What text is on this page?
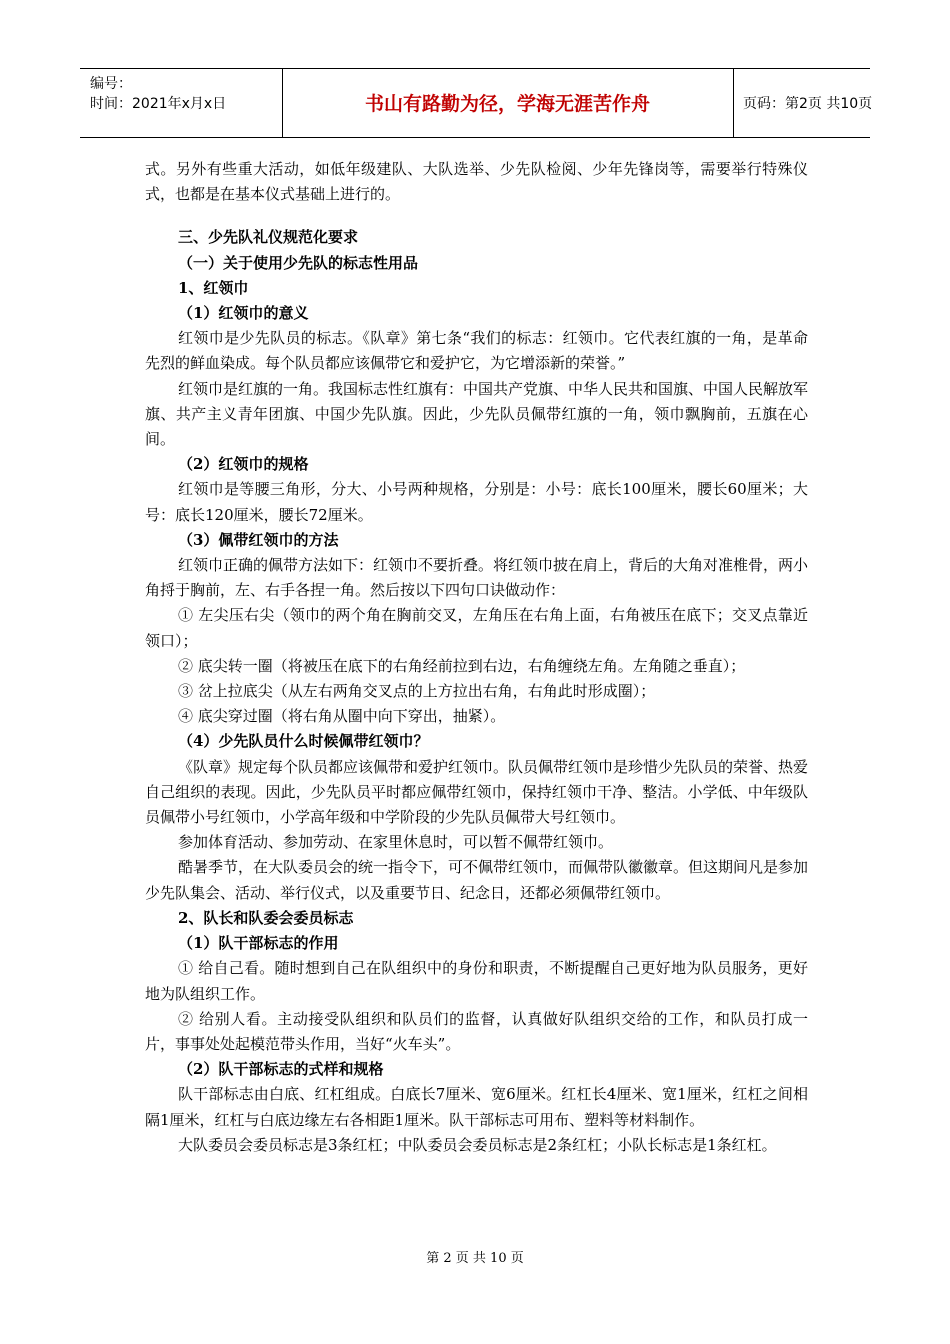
编号：
时间：2021年x月x日	书山有路勤为径，学海无涯苦作舟	页码：第2页 共10页

式。另外有些重大活动，如低年级建队、大队选举、少先队检阅、少年先锋岗等，需要举行特殊仪式，也都是在基本仪式基础上进行的。

三、少先队礼仪规范化要求

（一）关于使用少先队的标志性用品

1、红领巾

（1）红领巾的意义

红领巾是少先队员的标志。《队章》第七条“我们的标志：红领巾。它代表红旗的一角，是革命先烈的鲜血染成。每个队员都应该佩带它和爱护它，为它增添新的荣誉。”

红领巾是红旗的一角。我国标志性红旗有：中国共产党旗、中华人民共和国旗、中国人民解放军旗、共产主义青年团旗、中国少先队旗。因此，少先队员佩带红旗的一角，领巾飘胸前，五旗在心间。

（2）红领巾的规格

红领巾是等腰三角形，分大、小号两种规格，分别是：小号：底长100厘米，腰长60厘米；大号：底长120厘米，腰长72厘米。

（3）佩带红领巾的方法

红领巾正确的佩带方法如下：红领巾不要折叠。将红领巾披在肩上，背后的大角对准椎骨，两小角捋于胸前，左、右手各捏一角。然后按以下四句口诀做动作：

① 左尖压右尖（领巾的两个角在胸前交叉，左角压在右角上面，右角被压在底下；交叉点靠近领口）；

② 底尖转一圈（将被压在底下的右角经前拉到右边，右角缠绕左角。左角随之垂直）；

③ 岔上拉底尖（从左右两角交叉点的上方拉出右角，右角此时形成圈）；

④ 底尖穿过圈（将右角从圈中向下穿出，抽紧）。

（4）少先队员什么时候佩带红领巾？

《队章》规定每个队员都应该佩带和爱护红领巾。队员佩带红领巾是珍惜少先队员的荣誉、热爱自己组织的表现。因此，少先队员平时都应佩带红领巾，保持红领巾干净、整洁。小学低、中年级队员佩带小号红领巾，小学高年级和中学阶段的少先队员佩带大号红领巾。

参加体育活动、参加劳动、在家里休息时，可以暂不佩带红领巾。

酷暑季节，在大队委员会的统一指令下，可不佩带红领巾，而佩带队徽徽章。但这期间凡是参加少先队集会、活动、举行仪式，以及重要节日、纪念日，还都必须佩带红领巾。

2、队长和队委会委员标志

（1）队干部标志的作用

① 给自己看。随时想到自己在队组织中的身份和职责，不断提醒自己更好地为队员服务，更好地为队组织工作。

② 给别人看。主动接受队组织和队员们的监督，认真做好队组织交给的工作，和队员打成一片，事事处处起模范带头作用，当好“火车头”。

（2）队干部标志的式样和规格

队干部标志由白底、红杠组成。白底长7厘米、宽6厘米。红杠长4厘米、宽1厘米，红杠之间相隔1厘米，红杠与白底边缘左右各相距1厘米。队干部标志可用布、塑料等材料制作。

大队委员会委员标志是3条红杠；中队委员会委员标志是2条红杠；小队长标志是1条红杠。

第 2 页 共 10 页
